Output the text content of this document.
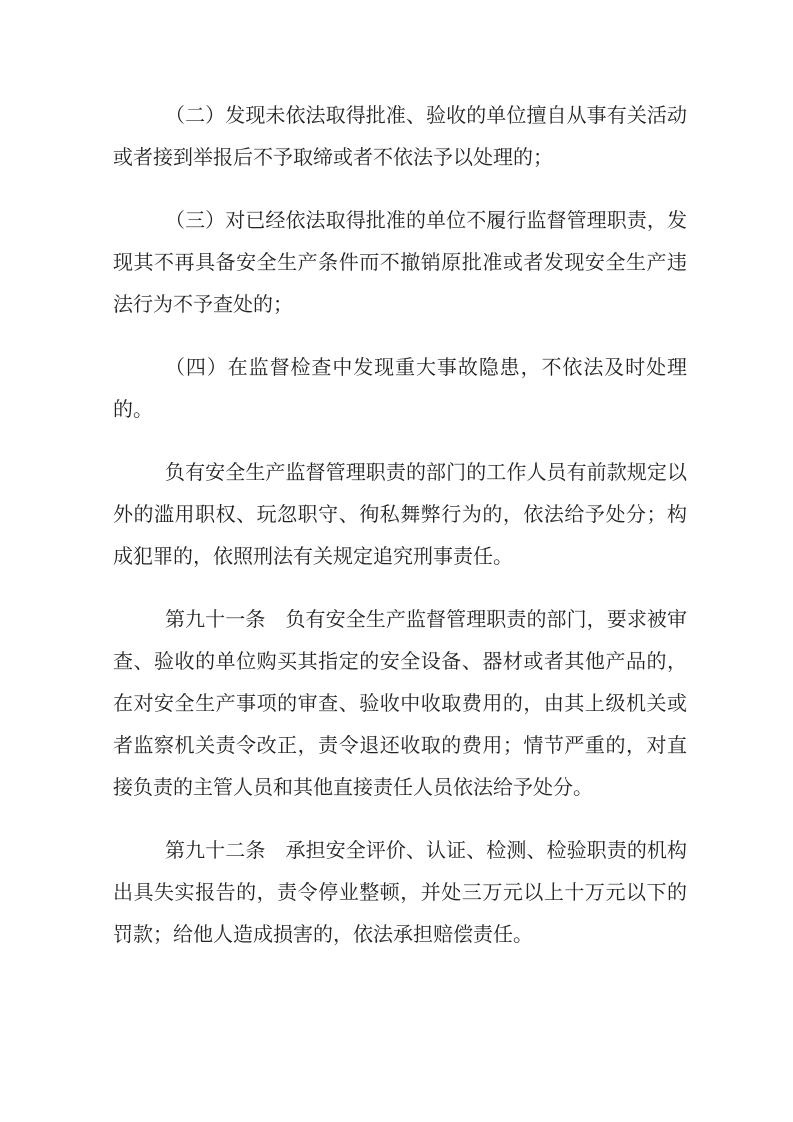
（二）发现未依法取得批准、验收的单位擅自从事有关活动或者接到举报后不予取缔或者不依法予以处理的；

（三）对已经依法取得批准的单位不履行监督管理职责，发现其不再具备安全生产条件而不撤销原批准或者发现安全生产违法行为不予查处的；

（四）在监督检查中发现重大事故隐患，不依法及时处理的。

负有安全生产监督管理职责的部门的工作人员有前款规定以外的滥用职权、玩忽职守、徇私舞弊行为的，依法给予处分；构成犯罪的，依照刑法有关规定追究刑事责任。

第九十一条　负有安全生产监督管理职责的部门，要求被审查、验收的单位购买其指定的安全设备、器材或者其他产品的，在对安全生产事项的审查、验收中收取费用的，由其上级机关或者监察机关责令改正，责令退还收取的费用；情节严重的，对直接负责的主管人员和其他直接责任人员依法给予处分。

第九十二条　承担安全评价、认证、检测、检验职责的机构出具失实报告的，责令停业整顿，并处三万元以上十万元以下的罚款；给他人造成损害的，依法承担赔偿责任。
